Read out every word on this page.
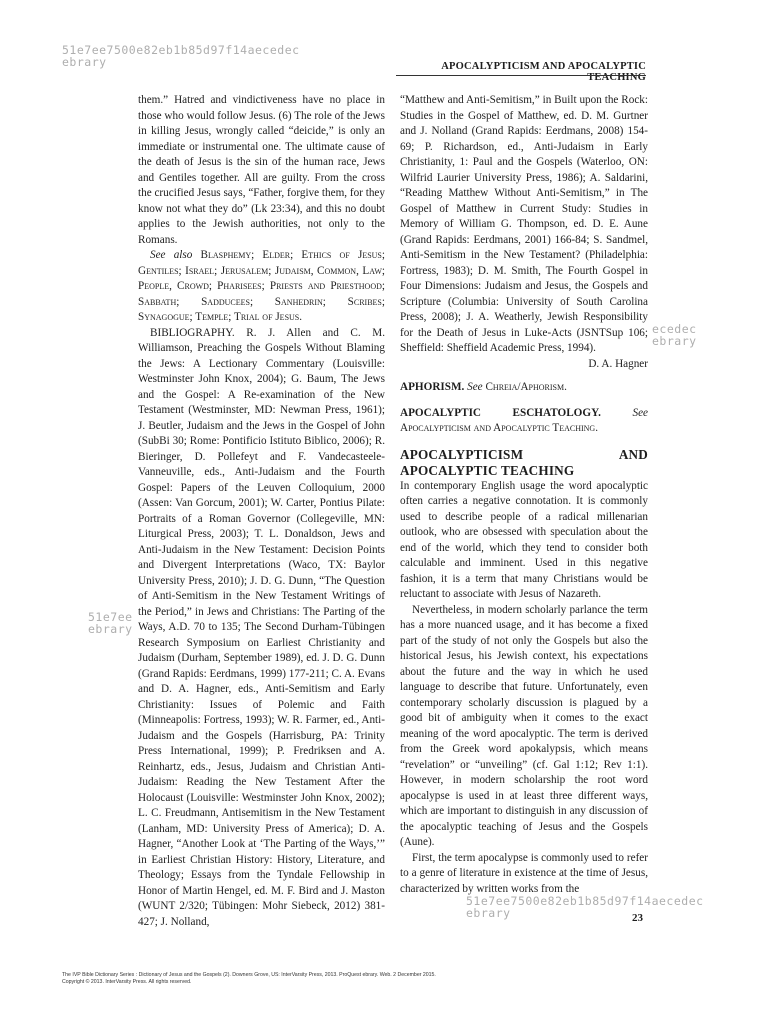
51e7ee7500e82eb1b85d97f14aecedec
ebrary
51e7ee
ebrary
ecedec
ebrary
51e7ee7500e82eb1b85d97f14aecedec
ebrary
APOCALYPTICISM AND APOCALYPTIC TEACHING

them.” Hatred and vindictiveness have no place in those who would follow Jesus. (6) The role of the Jews in killing Jesus, wrongly called “deicide,” is only an immediate or instrumental one. The ultimate cause of the death of Jesus is the sin of the human race, Jews and Gentiles together. All are guilty. From the cross the crucified Jesus says, “Father, forgive them, for they know not what they do” (Lk 23:34), and this no doubt applies to the Jewish authorities, not only to the Romans.

See also Blasphemy; Elder; Ethics of Jesus; Gentiles; Israel; Jerusalem; Judaism, Common, Law; People, Crowd; Pharisees; Priests and Priesthood; Sabbath; Sadducees; Sanhedrin; Scribes; Synagogue; Temple; Trial of Jesus.

BIBLIOGRAPHY. R. J. Allen and C. M. Williamson, Preaching the Gospels Without Blaming the Jews: A Lectionary Commentary (Louisville: Westminster John Knox, 2004); G. Baum, The Jews and the Gospel: A Re-examination of the New Testament (Westminster, MD: Newman Press, 1961); J. Beutler, Judaism and the Jews in the Gospel of John (SubBi 30; Rome: Pontificio Istituto Biblico, 2006); R. Bieringer, D. Pollefeyt and F. Vandecasteele-Vanneuville, eds., Anti-Judaism and the Fourth Gospel: Papers of the Leuven Colloquium, 2000 (Assen: Van Gorcum, 2001); W. Carter, Pontius Pilate: Portraits of a Roman Governor (Collegeville, MN: Liturgical Press, 2003); T. L. Donaldson, Jews and Anti-Judaism in the New Testament: Decision Points and Divergent Interpretations (Waco, TX: Baylor University Press, 2010); J. D. G. Dunn, “The Question of Anti-Semitism in the New Testament Writings of the Period,” in Jews and Christians: The Parting of the Ways, A.D. 70 to 135; The Second Durham-Tübingen Research Symposium on Earliest Christianity and Judaism (Durham, September 1989), ed. J. D. G. Dunn (Grand Rapids: Eerdmans, 1999) 177-211; C. A. Evans and D. A. Hagner, eds., Anti-Semitism and Early Christianity: Issues of Polemic and Faith (Minneapolis: Fortress, 1993); W. R. Farmer, ed., Anti-Judaism and the Gospels (Harrisburg, PA: Trinity Press International, 1999); P. Fredriksen and A. Reinhartz, eds., Jesus, Judaism and Christian Anti-Judaism: Reading the New Testament After the Holocaust (Louisville: Westminster John Knox, 2002); L. C. Freudmann, Antisemitism in the New Testament (Lanham, MD: University Press of America); D. A. Hagner, “Another Look at ‘The Parting of the Ways,’” in Earliest Christian History: History, Literature, and Theology; Essays from the Tyndale Fellowship in Honor of Martin Hengel, ed. M. F. Bird and J. Maston (WUNT 2/320; Tübingen: Mohr Siebeck, 2012) 381-427; J. Nolland,

“Matthew and Anti-Semitism,” in Built upon the Rock: Studies in the Gospel of Matthew, ed. D. M. Gurtner and J. Nolland (Grand Rapids: Eerdmans, 2008) 154-69; P. Richardson, ed., Anti-Judaism in Early Christianity, 1: Paul and the Gospels (Waterloo, ON: Wilfrid Laurier University Press, 1986); A. Saldarini, “Reading Matthew Without Anti-Semitism,” in The Gospel of Matthew in Current Study: Studies in Memory of William G. Thompson, ed. D. E. Aune (Grand Rapids: Eerdmans, 2001) 166-84; S. Sandmel, Anti-Semitism in the New Testament? (Philadelphia: Fortress, 1983); D. M. Smith, The Fourth Gospel in Four Dimensions: Judaism and Jesus, the Gospels and Scripture (Columbia: University of South Carolina Press, 2008); J. A. Weatherly, Jewish Responsibility for the Death of Jesus in Luke-Acts (JSNTSup 106; Sheffield: Sheffield Academic Press, 1994).
D. A. Hagner

APHORISM. See Chreia/Aphorism.

APOCALYPTIC ESCHATOLOGY.	See Apocalypticism and Apocalyptic Teaching.

APOCALYPTICISM AND APOCALYPTIC TEACHING

In contemporary English usage the word apocalyptic often carries a negative connotation. It is commonly used to describe people of a radical millenarian outlook, who are obsessed with speculation about the end of the world, which they tend to consider both calculable and imminent. Used in this negative fashion, it is a term that many Christians would be reluctant to associate with Jesus of Nazareth.

Nevertheless, in modern scholarly parlance the term has a more nuanced usage, and it has become a fixed part of the study of not only the Gospels but also the historical Jesus, his Jewish context, his expectations about the future and the way in which he used language to describe that future. Unfortunately, even contemporary scholarly discussion is plagued by a good bit of ambiguity when it comes to the exact meaning of the word apocalyptic. The term is derived from the Greek word apokalypsis, which means “revelation” or “unveiling” (cf. Gal 1:12; Rev 1:1). However, in modern scholarship the root word apocalypse is used in at least three different ways, which are important to distinguish in any discussion of the apocalyptic teaching of Jesus and the Gospels (Aune).

First, the term apocalypse is commonly used to refer to a genre of literature in existence at the time of Jesus, characterized by written works from the

23
The IVP Bible Dictionary Series : Dictionary of Jesus and the Gospels (2). Downers Grove, US: InterVarsity Press, 2013. ProQuest ebrary. Web. 2 December 2015.
Copyright © 2013. InterVarsity Press. All rights reserved.
